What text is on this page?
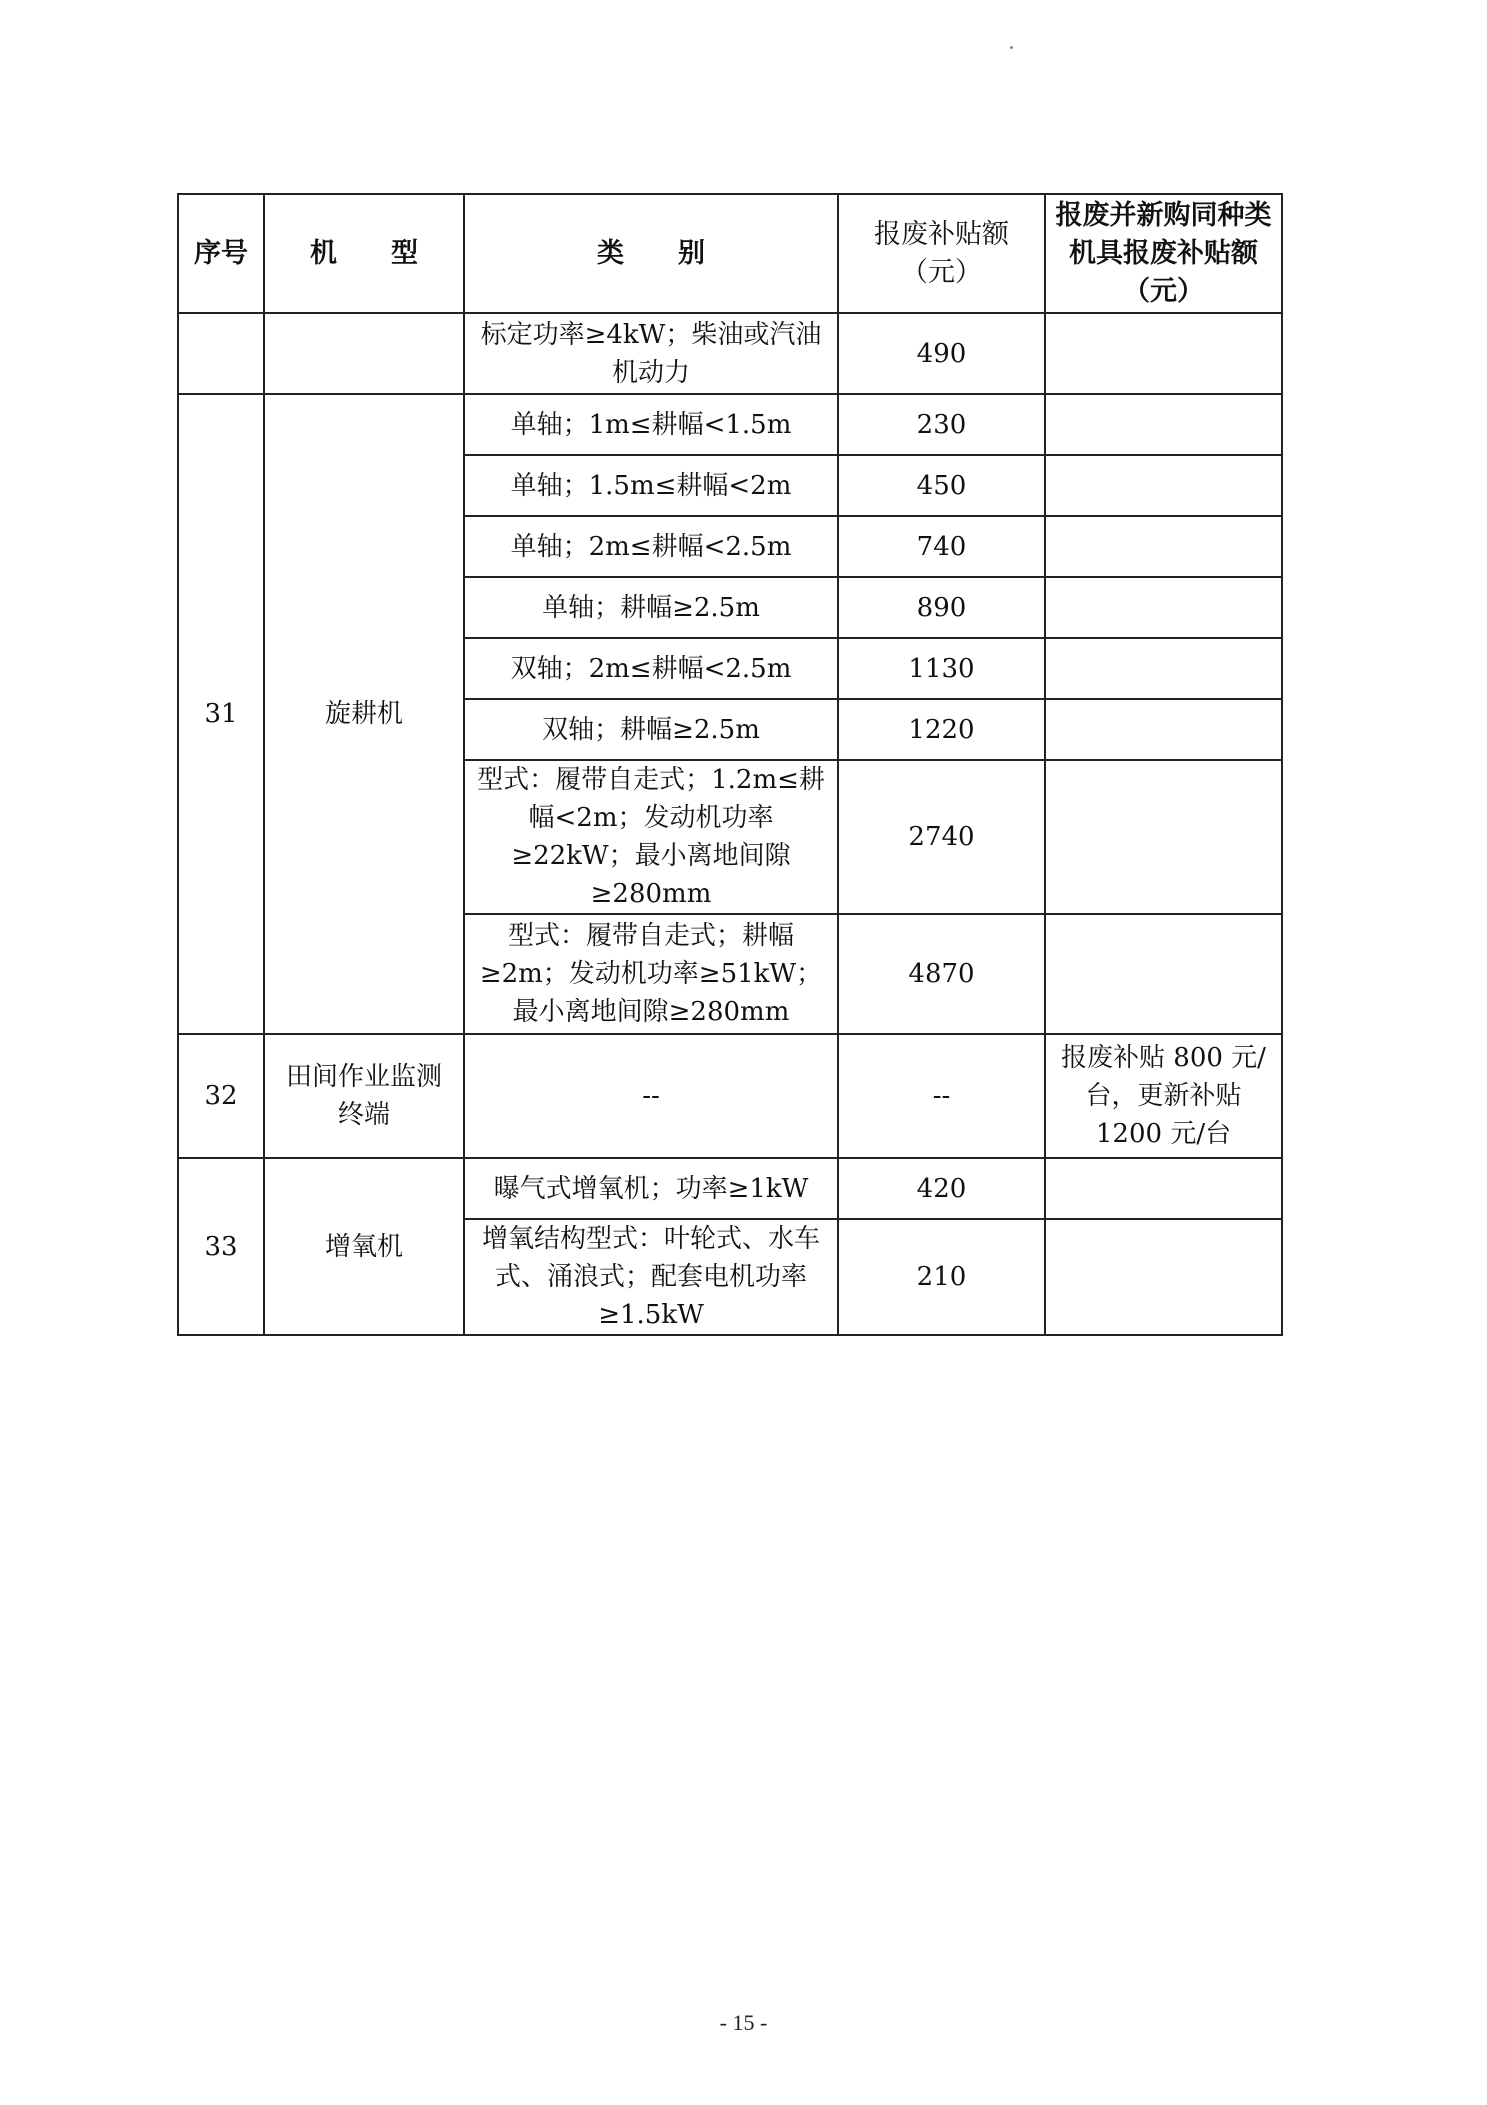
序号	机　　型	类　　别	报废补贴额（元）	报废并新购同种类机具报废补贴额（元）
		标定功率≥4kW；柴油或汽油机动力	490	
31	旋耕机	单轴；1m≤耕幅<1.5m	230	
		单轴；1.5m≤耕幅<2m	450	
		单轴；2m≤耕幅<2.5m	740	
		单轴；耕幅≥2.5m	890	
		双轴；2m≤耕幅<2.5m	1130	
		双轴；耕幅≥2.5m	1220	
		型式：履带自走式；1.2m≤耕幅<2m；发动机功率≥22kW；最小离地间隙≥280mm	2740	
		型式：履带自走式；耕幅≥2m；发动机功率≥51kW；最小离地间隙≥280mm	4870	
32	田间作业监测终端	--	--	报废补贴 800 元/台，更新补贴 1200 元/台
33	增氧机	曝气式增氧机；功率≥1kW	420	
		增氧结构型式：叶轮式、水车式、涌浪式；配套电机功率≥1.5kW	210	
- 15 -
